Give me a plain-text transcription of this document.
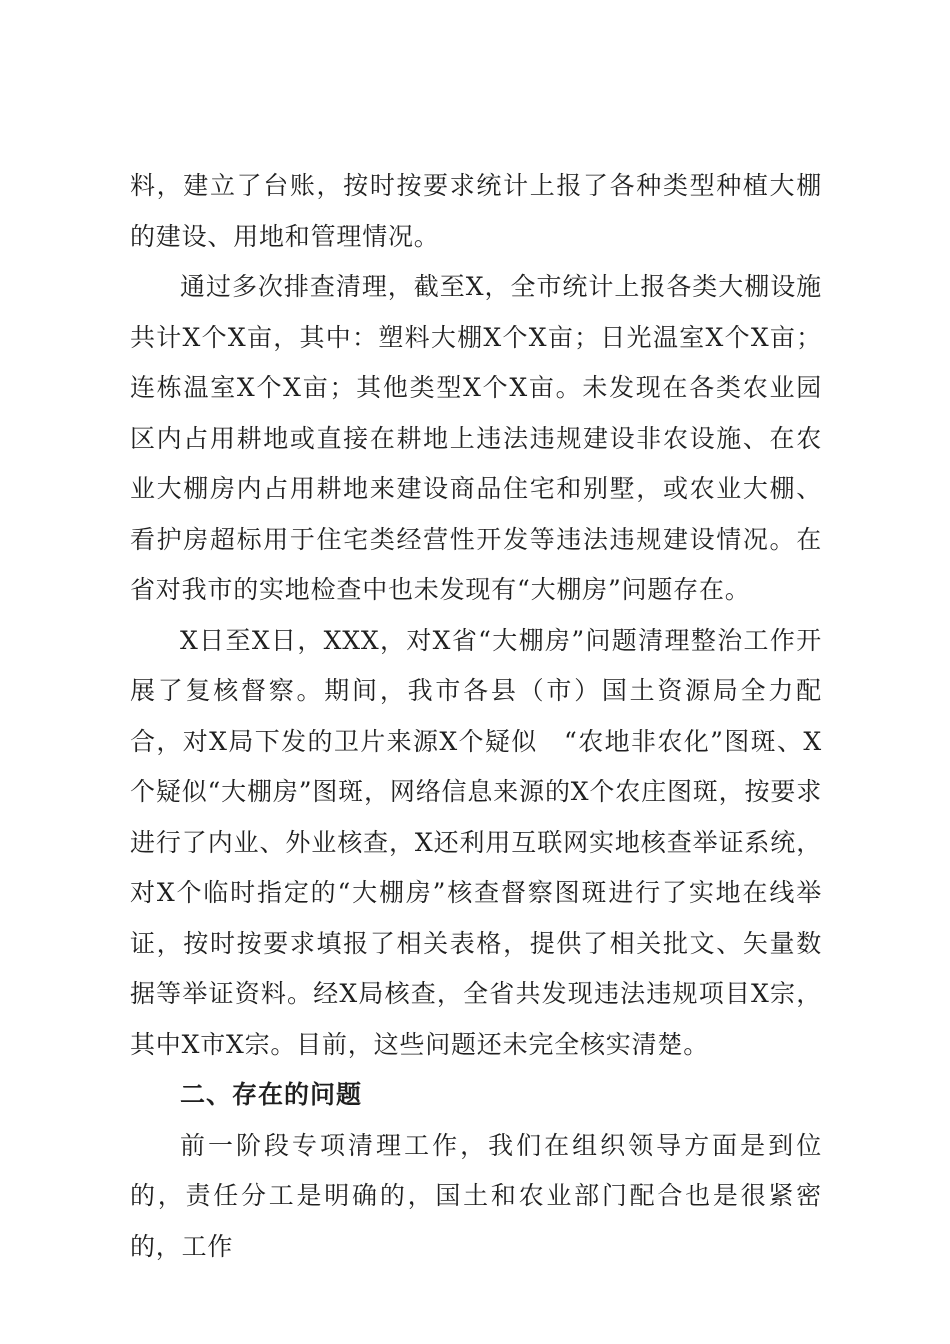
料，建立了台账，按时按要求统计上报了各种类型种植大棚的建设、用地和管理情况。

通过多次排查清理，截至X，全市统计上报各类大棚设施共计X个X亩，其中：塑料大棚X个X亩；日光温室X个X亩；连栋温室X个X亩；其他类型X个X亩。未发现在各类农业园区内占用耕地或直接在耕地上违法违规建设非农设施、在农业大棚房内占用耕地来建设商品住宅和别墅，或农业大棚、看护房超标用于住宅类经营性开发等违法违规建设情况。在省对我市的实地检查中也未发现有“大棚房”问题存在。

X日至X日，XXX，对X省“大棚房”问题清理整治工作开展了复核督察。期间，我市各县（市）国土资源局全力配合，对X局下发的卫片来源X个疑似　“农地非农化”图斑、X个疑似“大棚房”图斑，网络信息来源的X个农庄图斑，按要求进行了内业、外业核查，X还利用互联网实地核查举证系统，对X个临时指定的“大棚房”核查督察图斑进行了实地在线举证，按时按要求填报了相关表格，提供了相关批文、矢量数据等举证资料。经X局核查，全省共发现违法违规项目X宗，其中X市X宗。目前，这些问题还未完全核实清楚。

二、存在的问题

前一阶段专项清理工作，我们在组织领导方面是到位的，责任分工是明确的，国土和农业部门配合也是很紧密的，工作
